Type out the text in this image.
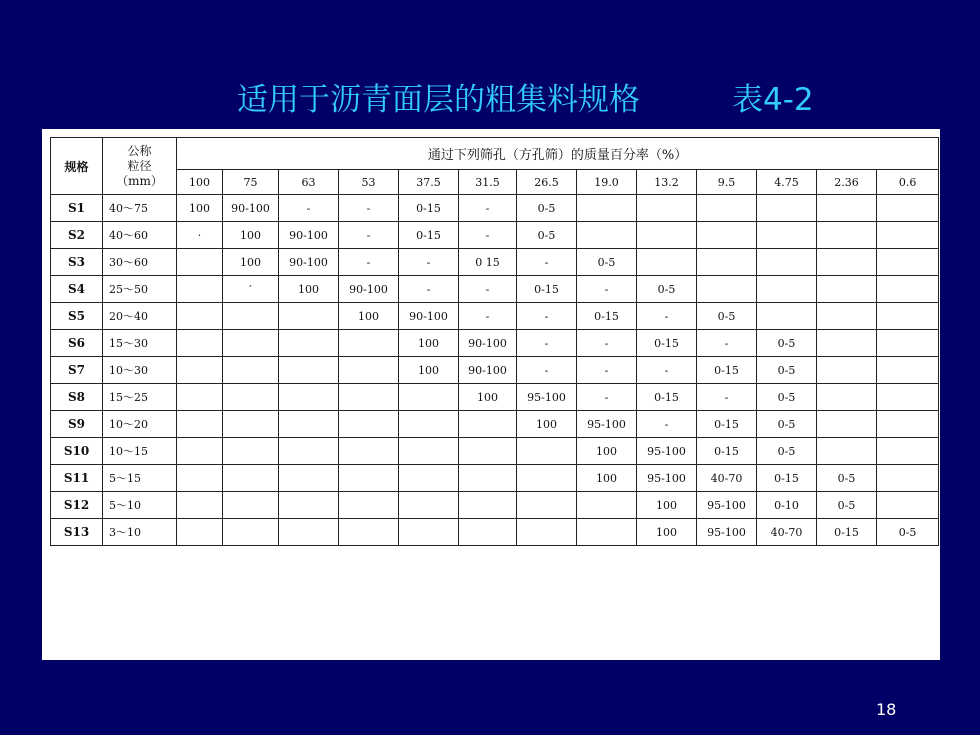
适用于沥青面层的粗集料规格	表4-2
规格	公称
粒径
（mm）	通过下列筛孔（方孔筛）的质量百分率（%）												
		100	75	63	53	37.5	31.5	26.5	19.0	13.2	9.5	4.75	2.36	0.6
S1	40～75	100	90-100	-	-	0-15	-	0-5						
S2	40～60	·	100	90-100	-	0-15	-	0-5						
S3	30～60		100	90-100	-	-	0 15	-	0-5					
S4	25～50		′	100	90-100	-	-	0-15	-	0-5				
S5	20～40				100	90-100	-	-	0-15	-	0-5			
S6	15～30					100	90-100	-	-	0-15	-	0-5		
S7	10～30					100	90-100	-	-	-	0-15	0-5		
S8	15～25						100	95-100	-	0-15	-	0-5		
S9	10～20							100	95-100	-	0-15	0-5		
S10	10～15								100	95-100	0-15	0-5		
S11	5～15								100	95-100	40-70	0-15	0-5	
S12	5～10									100	95-100	0-10	0-5	
S13	3～10									100	95-100	40-70	0-15	0-5
18
